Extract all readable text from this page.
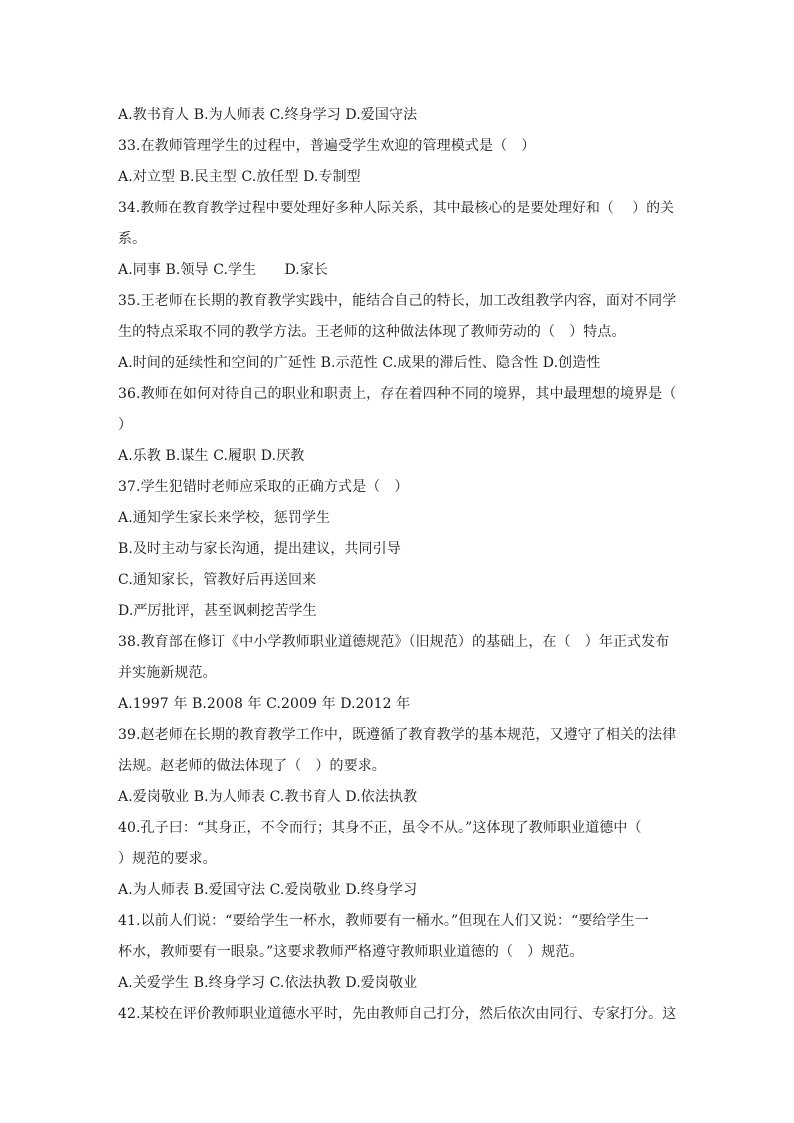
A.教书育人 B.为人师表 C.终身学习 D.爱国守法
33.在教师管理学生的过程中，普遍受学生欢迎的管理模式是（　）
A.对立型 B.民主型 C.放任型 D.专制型
34.教师在教育教学过程中要处理好多种人际关系，其中最核心的是要处理好和（　 ）的关
系。
A.同事 B.领导 C.学生　　D.家长
35.王老师在长期的教育教学实践中，能结合自己的特长，加工改组教学内容，面对不同学
生的特点采取不同的教学方法。王老师的这种做法体现了教师劳动的（　）特点。
A.时间的延续性和空间的广延性 B.示范性 C.成果的滞后性、隐含性 D.创造性
36.教师在如何对待自己的职业和职责上，存在着四种不同的境界，其中最理想的境界是（
）
A.乐教 B.谋生 C.履职 D.厌教
37.学生犯错时老师应采取的正确方式是（　）
A.通知学生家长来学校，惩罚学生
B.及时主动与家长沟通，提出建议，共同引导
C.通知家长，管教好后再送回来
D.严厉批评，甚至讽刺挖苦学生
38.教育部在修订《中小学教师职业道德规范》（旧规范）的基础上，在（　）年正式发布
并实施新规范。
A.1997 年 B.2008 年 C.2009 年 D.2012 年
39.赵老师在长期的教育教学工作中，既遵循了教育教学的基本规范，又遵守了相关的法律
法规。赵老师的做法体现了（　）的要求。
A.爱岗敬业 B.为人师表 C.教书育人 D.依法执教
40.孔子曰：“其身正，不令而行；其身不正，虽令不从。”这体现了教师职业道德中（
）规范的要求。
A.为人师表 B.爱国守法 C.爱岗敬业 D.终身学习
41.以前人们说：“要给学生一杯水，教师要有一桶水。”但现在人们又说：“要给学生一
杯水，教师要有一眼泉。”这要求教师严格遵守教师职业道德的（　）规范。
A.关爱学生 B.终身学习 C.依法执教 D.爱岗敬业
42.某校在评价教师职业道德水平时，先由教师自己打分，然后依次由同行、专家打分。这
